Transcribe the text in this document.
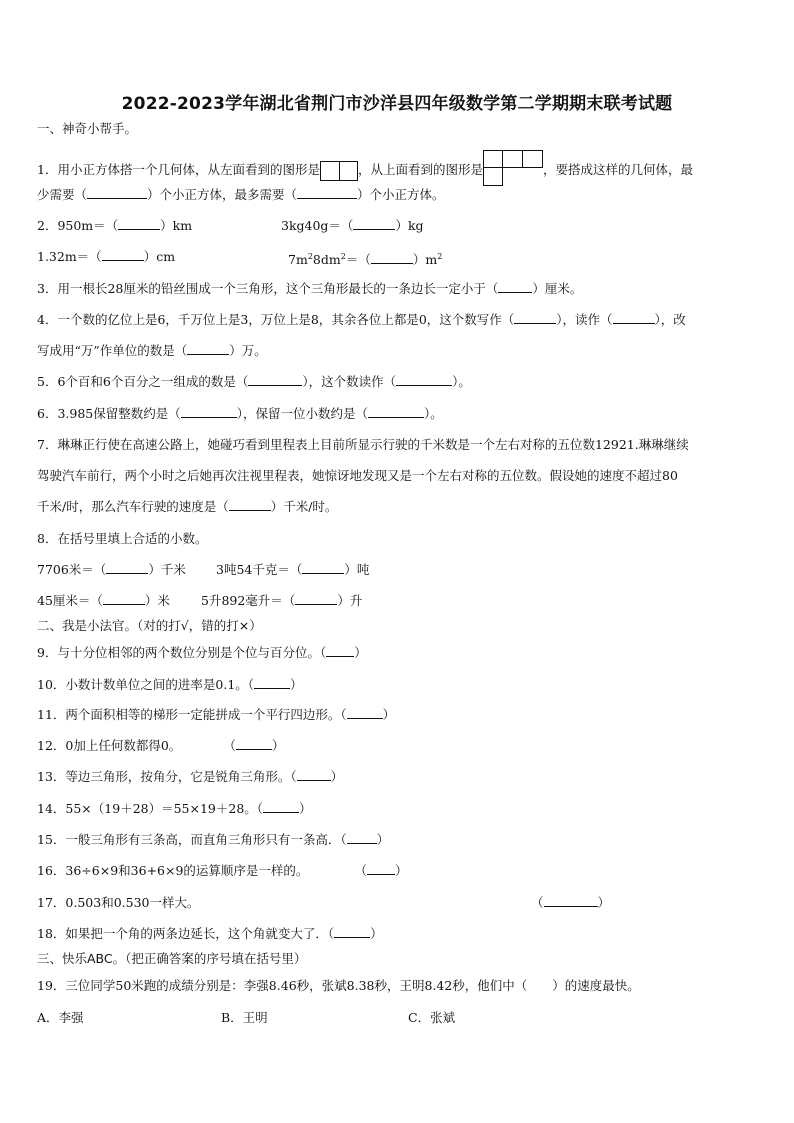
2022-2023学年湖北省荆门市沙洋县四年级数学第二学期期末联考试题
一、神奇小帮手。
1．用小正方体搭一个几何体，从左面看到的图形是	，从上面看到的图形是	，要搭成这样的几何体，最
少需要（	）个小正方体，最多需要（	）个小正方体。
2．950m＝（	）km	3kg40g＝（	）kg
1.32m＝（	）cm	$7m^28dm^2=$（	）$m^2$
3．用一根长28厘米的铅丝围成一个三角形，这个三角形最长的一条边长一定小于（	）厘米。
4．一个数的亿位上是6，千万位上是3，万位上是8，其余各位上都是0，这个数写作（	），读作（	），改
写成用“万”作单位的数是（	）万。
5．6个百和6个百分之一组成的数是（	），这个数读作（	）。
6．3.985保留整数约是（	），保留一位小数约是（	）。
7．琳琳正行使在高速公路上，她碰巧看到里程表上目前所显示行驶的千米数是一个左右对称的五位数12921.琳琳继续
驾驶汽车前行，两个小时之后她再次注视里程表，她惊讶地发现又是一个左右对称的五位数。假设她的速度不超过80
千米/时，那么汽车行驶的速度是（	）千米/时。
8．在括号里填上合适的小数。
7706米＝（	）千米 3吨54千克＝（	）吨
45厘米＝（	）米 5升892毫升＝（	）升
二、我是小法官。（对的打√，错的打×）
9．与十分位相邻的两个数位分别是个位与百分位。（ ）
10．小数计数单位之间的进率是0.1。（	）
11．两个面积相等的梯形一定能拼成一个平行四边形。（	）
12．0加上任何数都得0。	（	）
13．等边三角形，按角分，它是锐角三角形。（	）
14．55×（19＋28）＝55×19＋28。（	）
15．一般三角形有三条高，而直角三角形只有一条高．（ ）
16．36÷6×9和36+6×9的运算顺序是一样的。	（ ）
17．0.503和0.530一样大。	（	）
18．如果把一个角的两条边延长，这个角就变大了．（	）
三、快乐ABC。（把正确答案的序号填在括号里）
19．三位同学50米跑的成绩分别是：李强8.46秒，张斌8.38秒，王明8.42秒，他们中（　　）的速度最快。
A．李强	B．王明	C．张斌
